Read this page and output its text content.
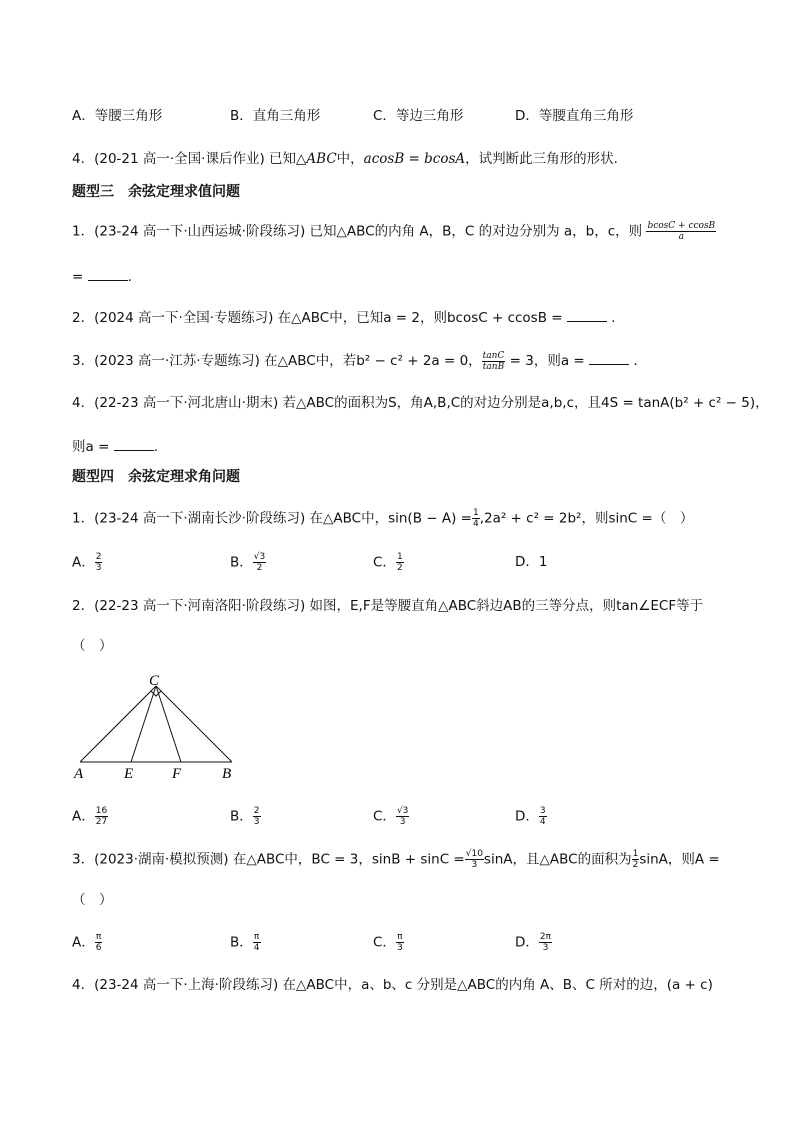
A．等腰三角形	B．直角三角形	C．等边三角形	D．等腰直角三角形
4．(20-21 高一·全国·课后作业) 已知△ABC中，acosB = bcosA，试判断此三角形的形状．
题型三　余弦定理求值问题
1．(23-24 高一下·山西运城·阶段练习) 已知△ABC的内角 A，B，C 的对边分别为 a，b，c，则 $\frac{bcosC + ccosB}{a}$
=	.
2．(2024 高一下·全国·专题练习) 在△ABC中，已知a = 2，则bcosC + ccosB =	.
3．(2023 高一·江苏·专题练习) 在△ABC中，若b² − c² + 2a = 0， $\frac{\tan C}{\tan B} = 3$，则a =	.
4．(22-23 高一下·河北唐山·期末) 若△ABC的面积为S，角A,B,C的对边分别是a,b,c，且4S = tanA(b² + c² − 5)，
则a =	.
题型四　余弦定理求角问题
1．(23-24 高一下·湖南长沙·阶段练习) 在△ABC中，$\sin(B - A) = \frac{1}{4} ,2a^2 + c^2 = 2b^2$，则sinC =（　）
A． $\frac{2}{3}$	B． $\frac{√3}{2}$	C． $\frac{1}{2}$	D．1
2．(22-23 高一下·河南洛阳·阶段练习) 如图，E,F是等腰直角△ABC斜边AB的三等分点，则tan∠ECF等于
（　）
C
A	E	F	B
A． $\frac{16}{27}$	B． $\frac{2}{3}$	C． $\frac{√3}{3}$	D． $\frac{3}{4}$
3．(2023·湖南·模拟预测) 在△ABC中，BC = 3，$\sin B + \sin C = \frac{√10}{3}$ sinA，且△ABC的面积为 $\frac{1}{2}$ sinA，则A =
（　）
A． $\frac{\pi}{6}$	B． $\frac{\pi}{4}$	C． $\frac{\pi}{3}$	D． $\frac{2\pi}{3}$
4．(23-24 高一下·上海·阶段练习) 在△ABC中，a、b、c 分别是△ABC的内角 A、B、C 所对的边，(a + c)
